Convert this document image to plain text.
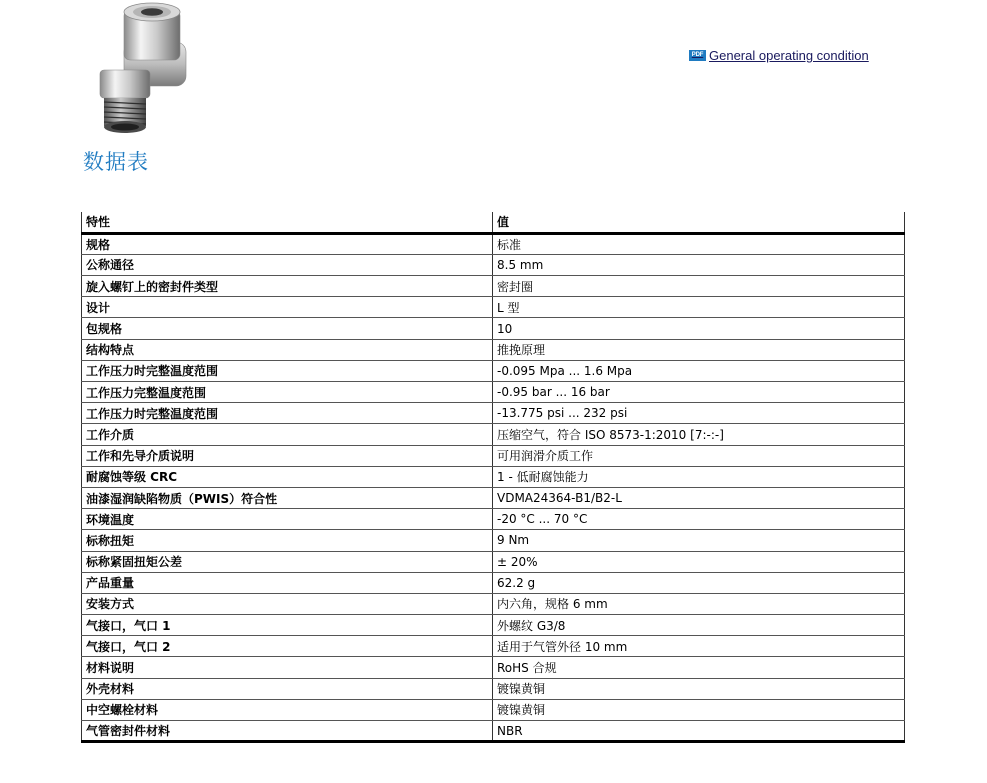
PDF General operating condition
数据表
特性	值
规格	标准
公称通径	8.5 mm
旋入螺钉上的密封件类型	密封圈
设计	L 型
包规格	10
结构特点	推挽原理
工作压力时完整温度范围	-0.095 Mpa ... 1.6 Mpa
工作压力完整温度范围	-0.95 bar ... 16 bar
工作压力时完整温度范围	-13.775 psi ... 232 psi
工作介质	压缩空气，符合 ISO 8573-1:2010 [7:-:-]
工作和先导介质说明	可用润滑介质工作
耐腐蚀等级 CRC	1 - 低耐腐蚀能力
油漆湿润缺陷物质（PWIS）符合性	VDMA24364-B1/B2-L
环境温度	-20 °C ... 70 °C
标称扭矩	9 Nm
标称紧固扭矩公差	± 20%
产品重量	62.2 g
安装方式	内六角，规格 6 mm
气接口，气口 1	外螺纹 G3/8
气接口，气口 2	适用于气管外径 10 mm
材料说明	RoHS 合规
外壳材料	镀镍黄铜
中空螺栓材料	镀镍黄铜
气管密封件材料	NBR
